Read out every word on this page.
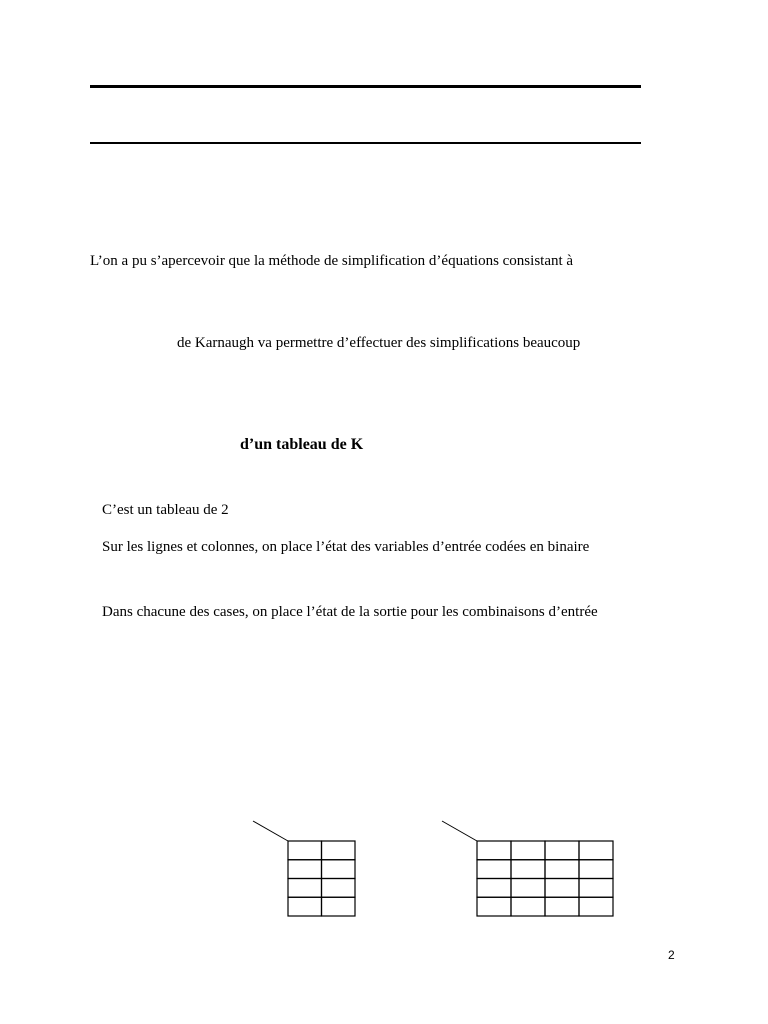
L’on a pu s’apercevoir que la méthode de simplification d’équations consistant à
de Karnaugh va permettre d’effectuer des simplifications beaucoup
d’un tableau de K
C’est un tableau de 2
Sur les lignes et colonnes, on place l’état des variables d’entrée codées en binaire
Dans chacune des cases, on place l’état de la sortie pour les combinaisons d’entrée
2
